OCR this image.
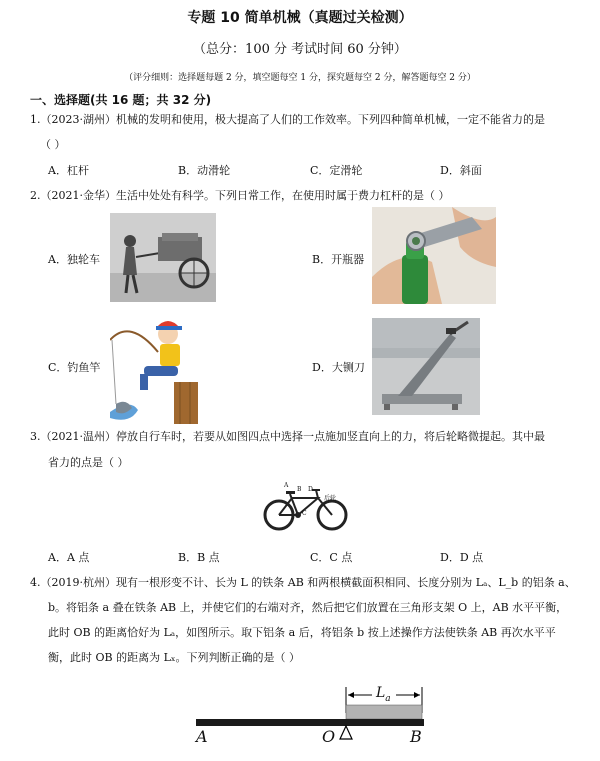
专题 10 简单机械（真题过关检测）
（总分：100 分 考试时间 60 分钟）
（评分细则：选择题每题 2 分，填空题每空 1 分，探究题每空 2 分，解答题每空 2 分）
一、选择题(共 16 题；共 32 分)
1.（2023·湖州）机械的发明和使用，极大提高了人们的工作效率。下列四种简单机械，一定不能省力的是
（ ）
A．杠杆	B．动滑轮	C．定滑轮	D．斜面
2.（2021·金华）生活中处处有科学。下列日常工作，在使用时属于费力杠杆的是（ ）
A．独轮车	B．开瓶器
C．钓鱼竿	D．大铡刀
3.（2021·温州）停放自行车时，若要从如图四点中选择一点施加竖直向上的力，将后轮略微提起。其中最
省力的点是（ ）
A
B
C
D
后轮
A．A 点	B．B 点	C．C 点	D．D 点
4.（2019·杭州）现有一根形变不计、长为 L 的铁条 AB 和两根横截面积相同、长度分别为 Lₐ、L_b 的铝条 a、
b。将铝条 a 叠在铁条 AB 上，并使它们的右端对齐，然后把它们放置在三角形支架 O 上，AB 水平平衡，
此时 OB 的距离恰好为 Lₐ，如图所示。取下铝条 a 后，将铝条 b 按上述操作方法使铁条 AB 再次水平平
衡，此时 OB 的距离为 Lₓ。下列判断正确的是（ ）
$L_a$
A	O	B
